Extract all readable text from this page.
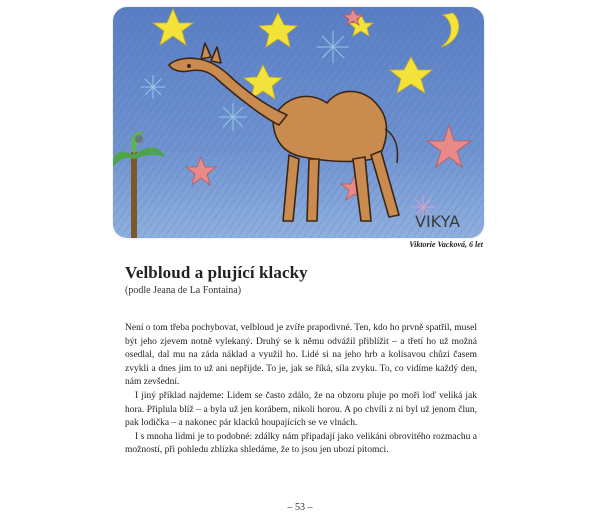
VIKYA
Viktorie Vacková, 6 let
Velbloud a plující klacky
(podle Jeana de La Fontaina)

Není o tom třeba pochybovat, velbloud je zvíře prapodivné. Ten, kdo ho prvně spatřil, musel být jeho zjevem notně vylekaný. Druhý se k němu odvážil přiblížit – a třetí ho už možná osedlal, dal mu na záda náklad a využil ho. Lidé si na jeho hrb a kolísavou chůzi časem zvykli a dnes jim to už ani nepřijde. To je, jak se říká, síla zvyku. To, co vidíme každý den, nám zevšední.

I jiný příklad najdeme: Lidem se často zdálo, že na obzoru pluje po moři loď veliká jak hora. Připlula blíž – a byla už jen korábem, nikoli horou. A po chvíli z ní byl už jenom člun, pak lodička – a nakonec pár klacků houpajících se ve vlnách.

I s mnoha lidmi je to podobné: zdálky nám připadají jako velikáni obrovitého rozmachu a možností, při pohledu zblízka shledáme, že to jsou jen ubozí pitomci.

– 53 –
